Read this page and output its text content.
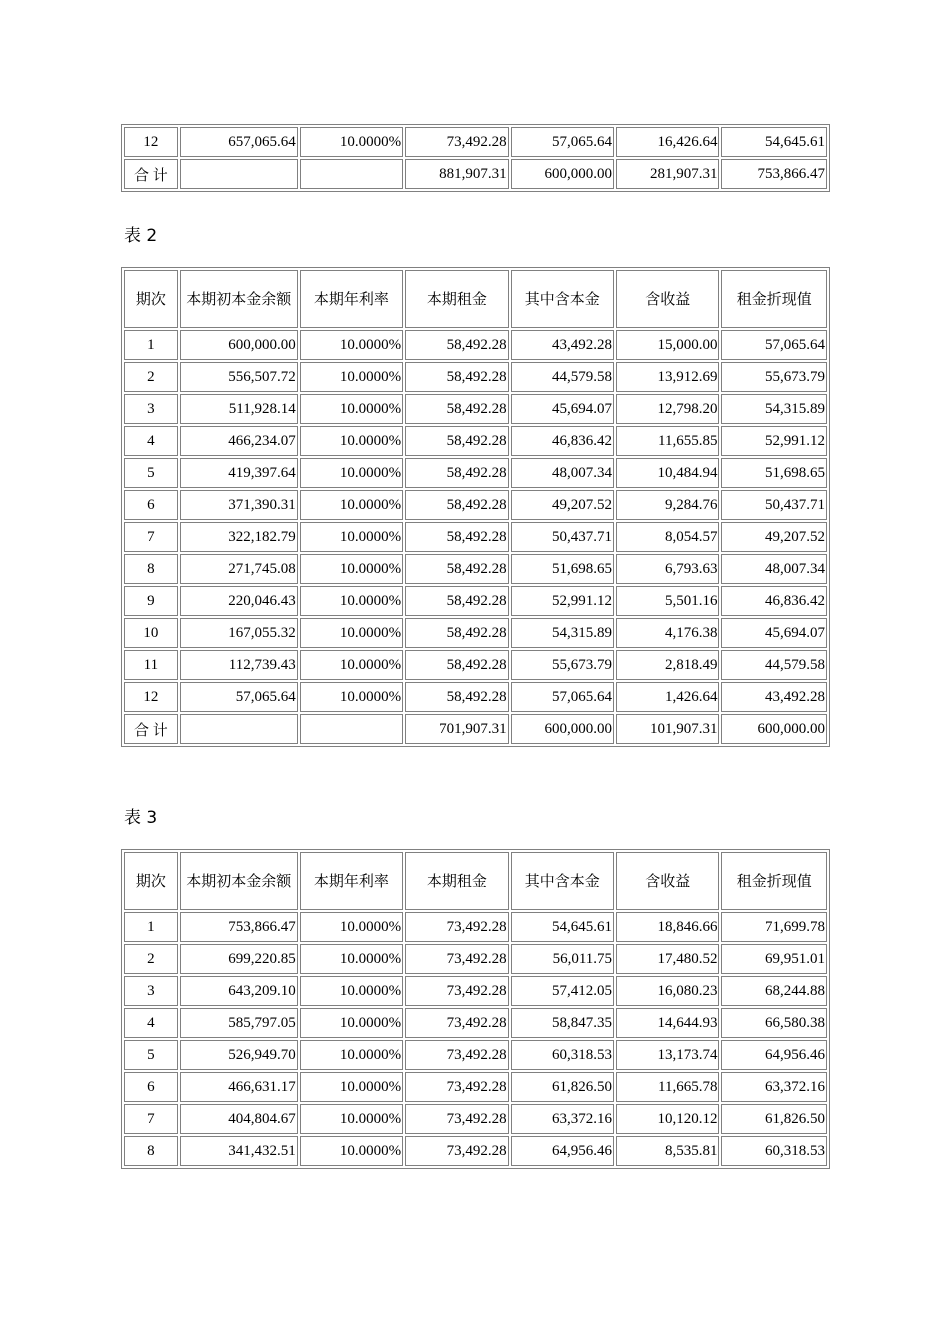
12	657,065.64	10.0000%	73,492.28	57,065.64	16,426.64	54,645.61
合 计			881,907.31	600,000.00	281,907.31	753,866.47
表 2
期次	本期初本金余额	本期年利率	本期租金	其中含本金	含收益	租金折现值
1	600,000.00	10.0000%	58,492.28	43,492.28	15,000.00	57,065.64
2	556,507.72	10.0000%	58,492.28	44,579.58	13,912.69	55,673.79
3	511,928.14	10.0000%	58,492.28	45,694.07	12,798.20	54,315.89
4	466,234.07	10.0000%	58,492.28	46,836.42	11,655.85	52,991.12
5	419,397.64	10.0000%	58,492.28	48,007.34	10,484.94	51,698.65
6	371,390.31	10.0000%	58,492.28	49,207.52	9,284.76	50,437.71
7	322,182.79	10.0000%	58,492.28	50,437.71	8,054.57	49,207.52
8	271,745.08	10.0000%	58,492.28	51,698.65	6,793.63	48,007.34
9	220,046.43	10.0000%	58,492.28	52,991.12	5,501.16	46,836.42
10	167,055.32	10.0000%	58,492.28	54,315.89	4,176.38	45,694.07
11	112,739.43	10.0000%	58,492.28	55,673.79	2,818.49	44,579.58
12	57,065.64	10.0000%	58,492.28	57,065.64	1,426.64	43,492.28
合 计			701,907.31	600,000.00	101,907.31	600,000.00
表 3
期次	本期初本金余额	本期年利率	本期租金	其中含本金	含收益	租金折现值
1	753,866.47	10.0000%	73,492.28	54,645.61	18,846.66	71,699.78
2	699,220.85	10.0000%	73,492.28	56,011.75	17,480.52	69,951.01
3	643,209.10	10.0000%	73,492.28	57,412.05	16,080.23	68,244.88
4	585,797.05	10.0000%	73,492.28	58,847.35	14,644.93	66,580.38
5	526,949.70	10.0000%	73,492.28	60,318.53	13,173.74	64,956.46
6	466,631.17	10.0000%	73,492.28	61,826.50	11,665.78	63,372.16
7	404,804.67	10.0000%	73,492.28	63,372.16	10,120.12	61,826.50
8	341,432.51	10.0000%	73,492.28	64,956.46	8,535.81	60,318.53
